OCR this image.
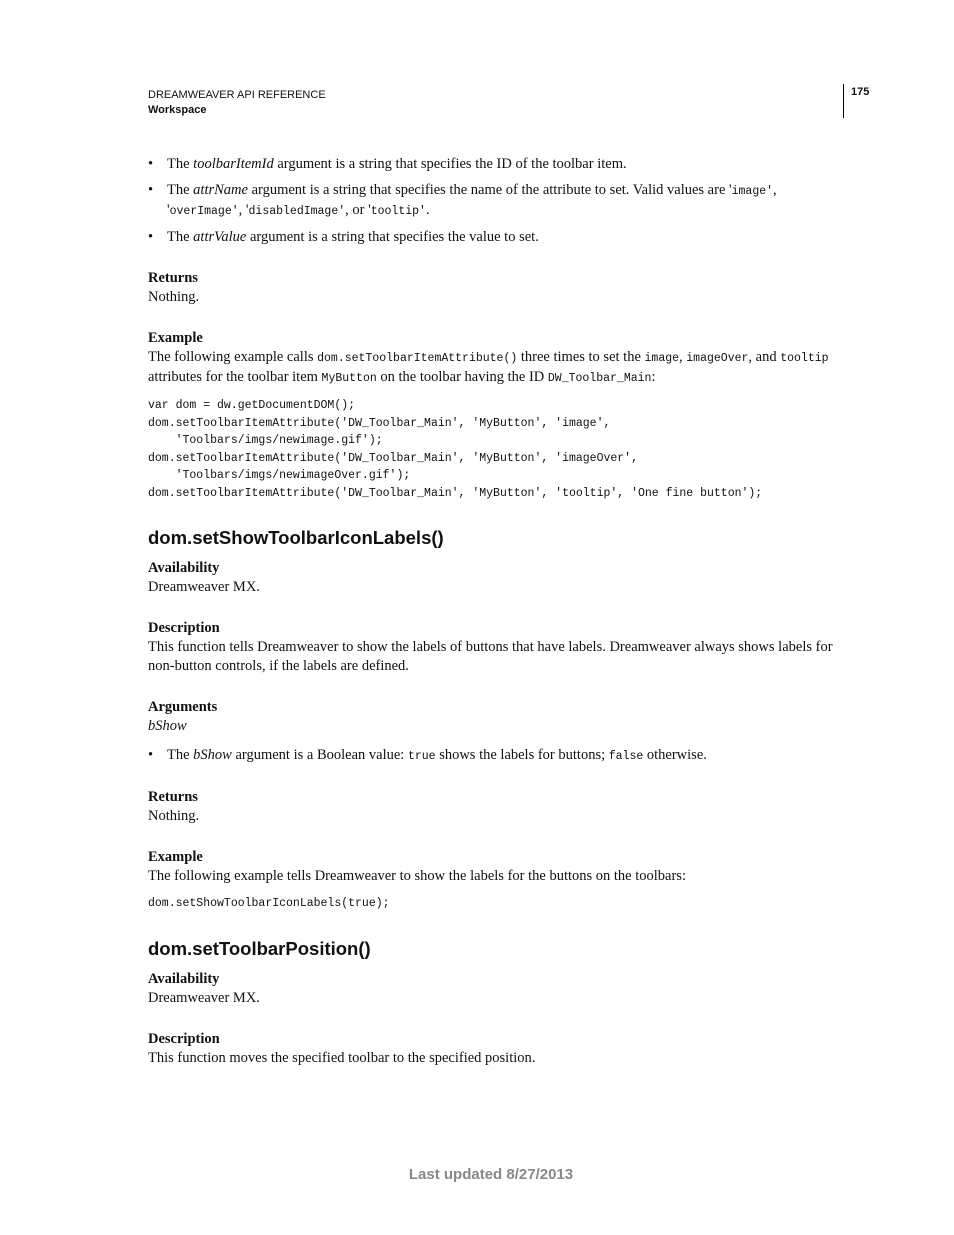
DREAMWEAVER API REFERENCE
Workspace
175
• The toolbarItemId argument is a string that specifies the ID of the toolbar item.
• The attrName argument is a string that specifies the name of the attribute to set. Valid values are 'image', 'overImage', 'disabledImage', or 'tooltip'.
• The attrValue argument is a string that specifies the value to set.

Returns

Nothing.

Example

The following example calls dom.setToolbarItemAttribute() three times to set the image, imageOver, and tooltip attributes for the toolbar item MyButton on the toolbar having the ID DW_Toolbar_Main:

var dom = dw.getDocumentDOM();
dom.setToolbarItemAttribute('DW_Toolbar_Main', 'MyButton', 'image',
'Toolbars/imgs/newimage.gif');
dom.setToolbarItemAttribute('DW_Toolbar_Main', 'MyButton', 'imageOver',
'Toolbars/imgs/newimageOver.gif');
dom.setToolbarItemAttribute('DW_Toolbar_Main', 'MyButton', 'tooltip', 'One fine button');

dom.setShowToolbarIconLabels()

Availability

Dreamweaver MX.

Description

This function tells Dreamweaver to show the labels of buttons that have labels. Dreamweaver always shows labels for non-button controls, if the labels are defined.

Arguments

bShow

• The bShow argument is a Boolean value: true shows the labels for buttons; false otherwise.

Returns

Nothing.

Example

The following example tells Dreamweaver to show the labels for the buttons on the toolbars:

dom.setShowToolbarIconLabels(true);

dom.setToolbarPosition()

Availability

Dreamweaver MX.

Description

This function moves the specified toolbar to the specified position.

Last updated 8/27/2013
